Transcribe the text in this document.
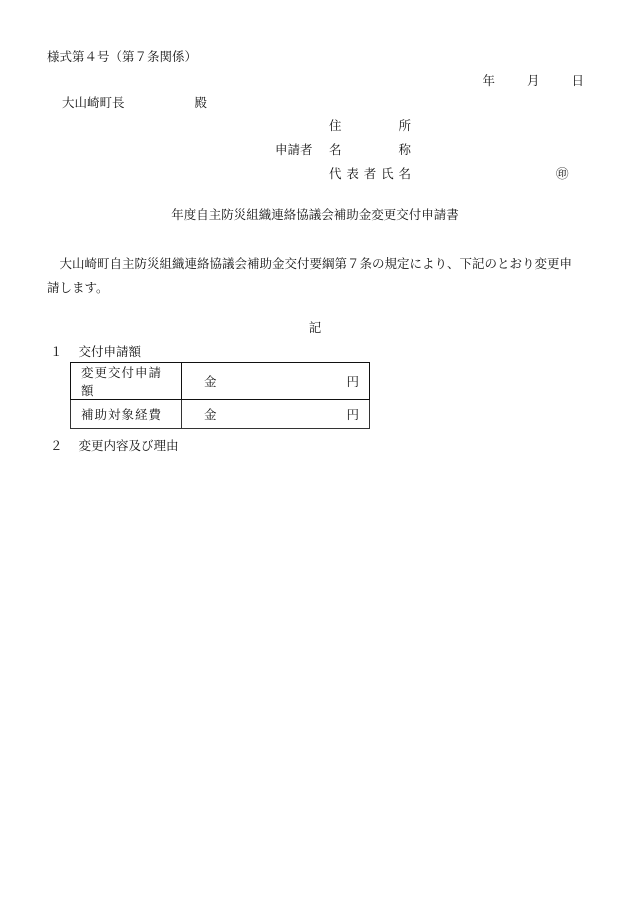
様式第４号（第７条関係）
年	月	日
大山崎町長	殿
住	所
申請者	名	称
代 表 者 氏 名	㊞
年度自主防災組織連絡協議会補助金変更交付申請書
大山崎町自主防災組織連絡協議会補助金交付要綱第７条の規定により、下記のとおり変更申請します。
記
１ 交付申請額
変更交付申請額	金 円

補助対象経費	金 円
２ 変更内容及び理由
